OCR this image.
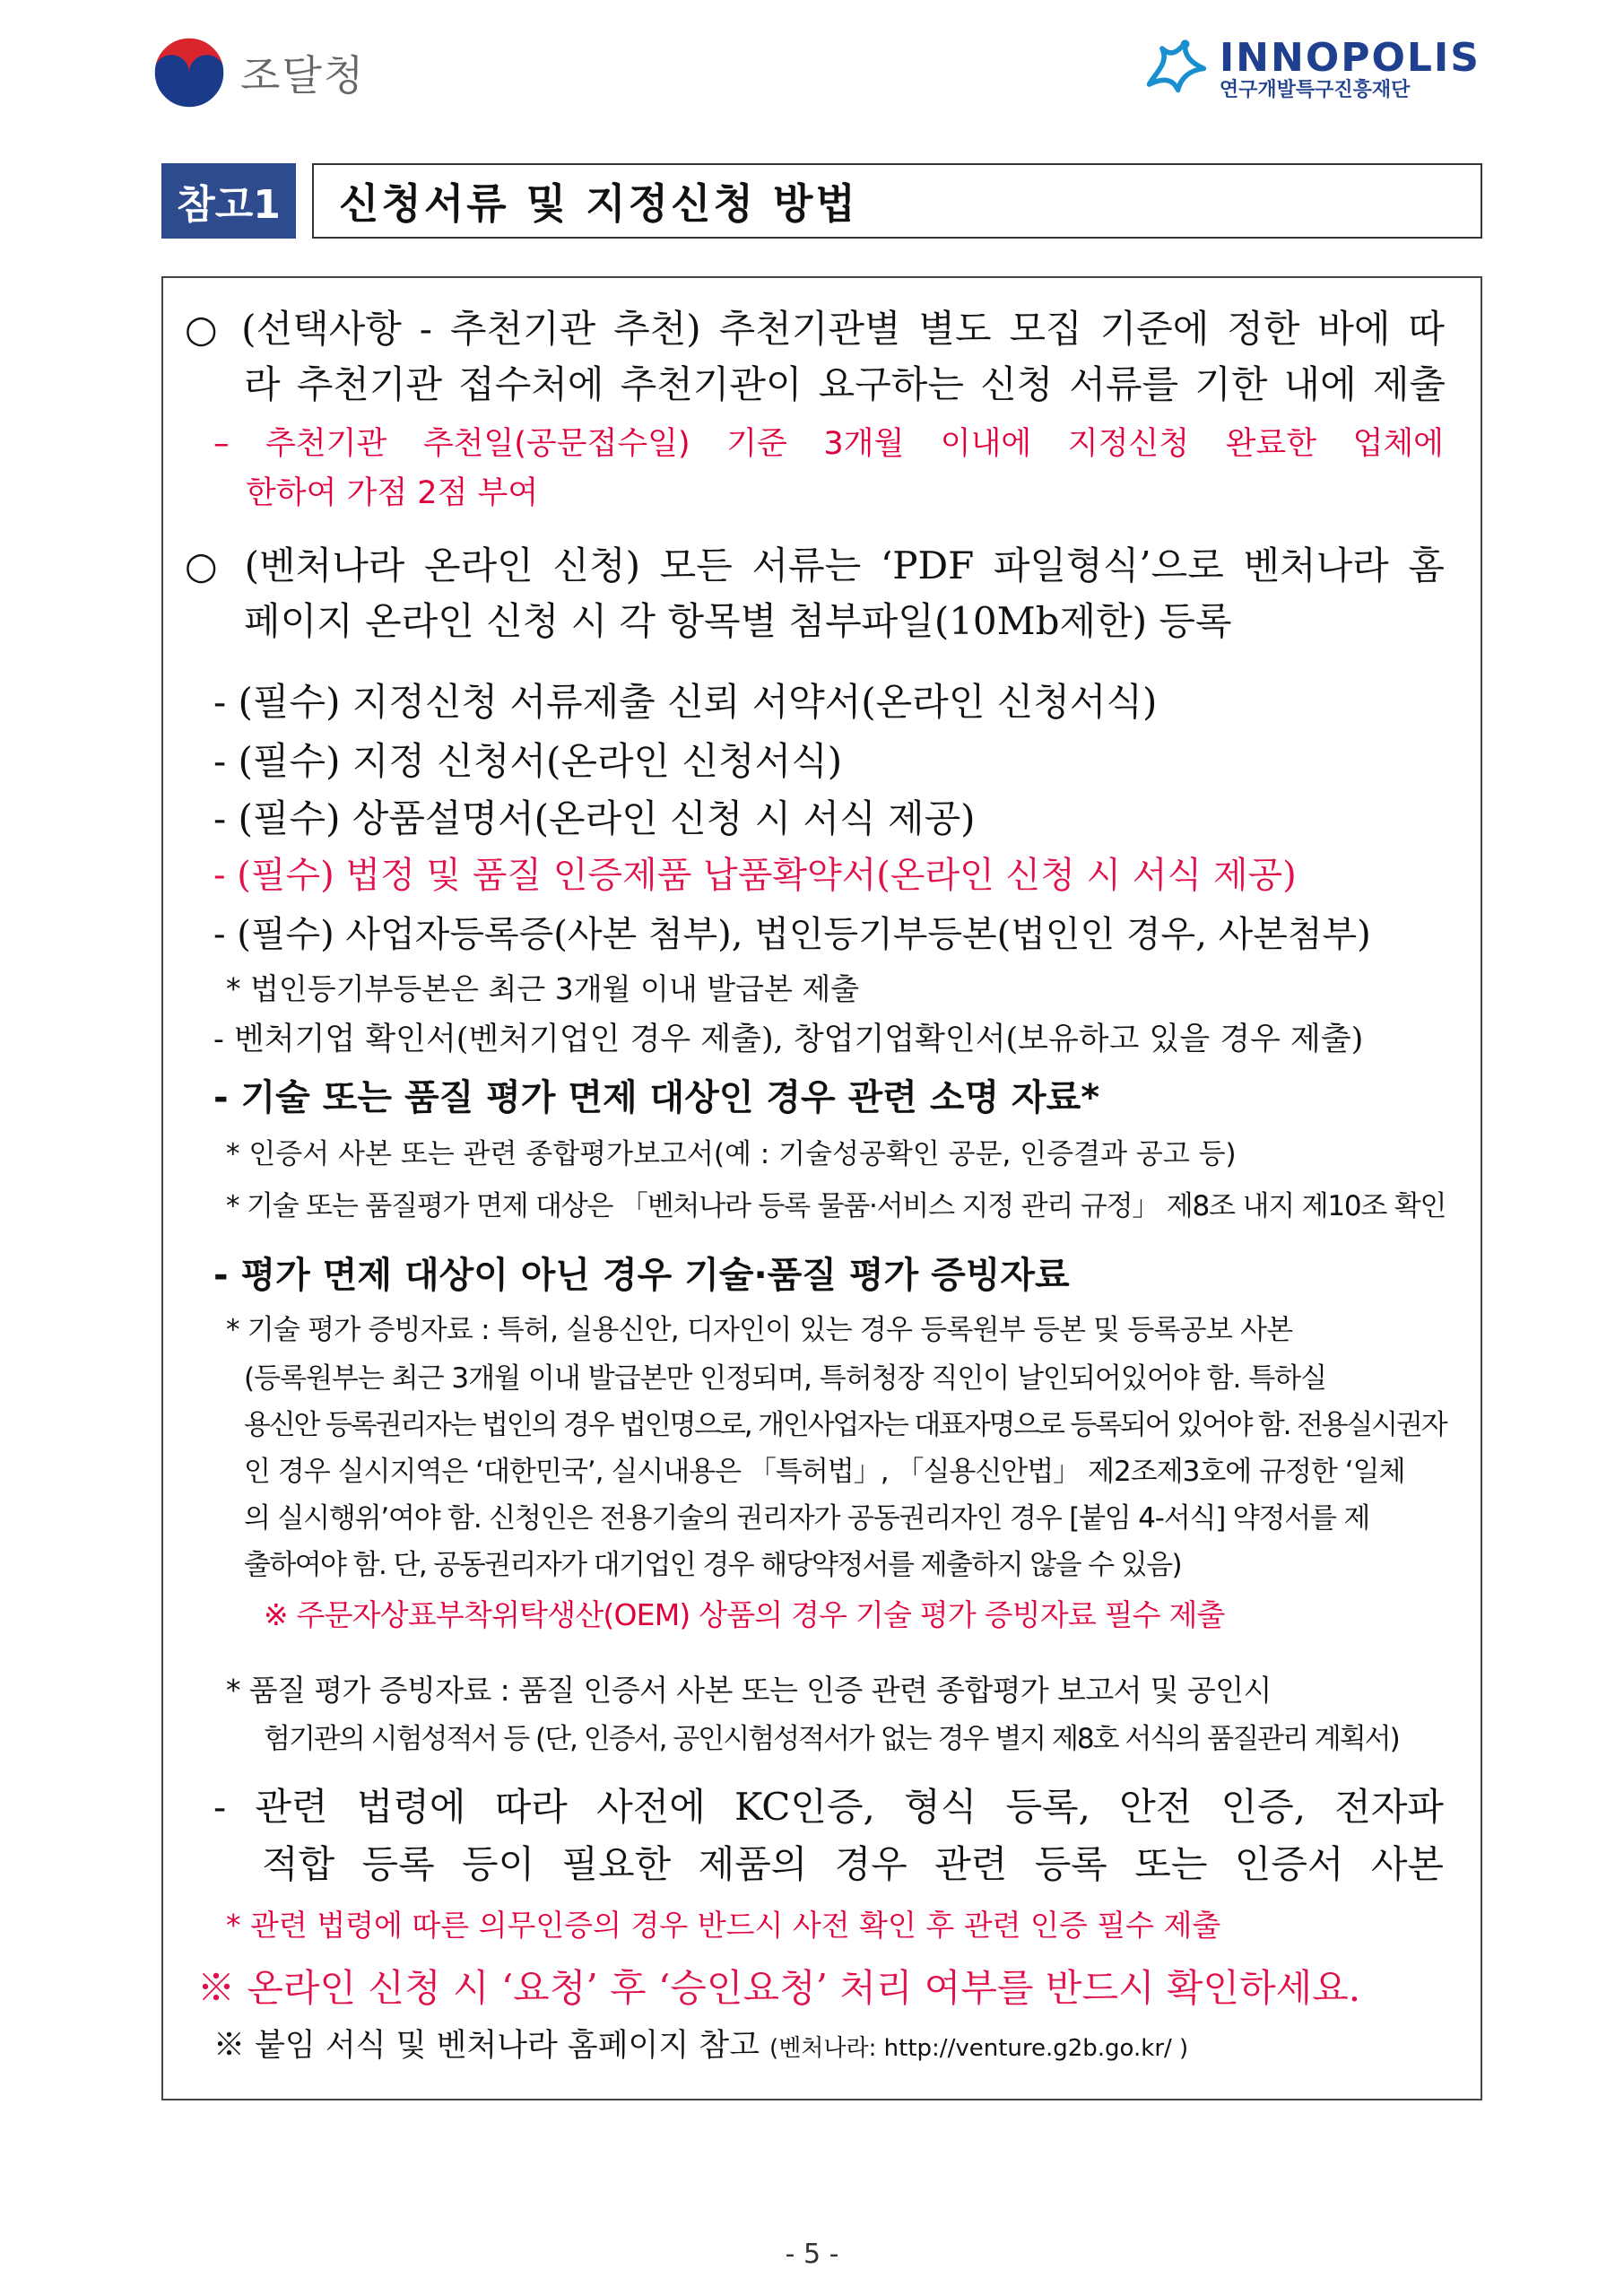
조달청	INNOPOLIS
연구개발특구진흥재단
참고1	신청서류 및 지정신청 방법
○ (선택사항 - 추천기관 추천) 추천기관별 별도 모집 기준에 정한 바에 따
라 추천기관 접수처에 추천기관이 요구하는 신청 서류를 기한 내에 제출
– 추천기관 추천일(공문접수일) 기준 3개월 이내에 지정신청 완료한 업체에
한하여 가점 2점 부여
○ (벤처나라 온라인 신청) 모든 서류는 ‘PDF 파일형식’으로 벤처나라 홈
페이지 온라인 신청 시 각 항목별 첨부파일(10Mb제한) 등록
- (필수) 지정신청 서류제출 신뢰 서약서(온라인 신청서식)
- (필수) 지정 신청서(온라인 신청서식)
- (필수) 상품설명서(온라인 신청 시 서식 제공)
- (필수) 법정 및 품질 인증제품 납품확약서(온라인 신청 시 서식 제공)
- (필수) 사업자등록증(사본 첨부), 법인등기부등본(법인인 경우, 사본첨부)
* 법인등기부등본은 최근 3개월 이내 발급본 제출
- 벤처기업 확인서(벤처기업인 경우 제출), 창업기업확인서(보유하고 있을 경우 제출)
- 기술 또는 품질 평가 면제 대상인 경우 관련 소명 자료*
* 인증서 사본 또는 관련 종합평가보고서(예 : 기술성공확인 공문, 인증결과 공고 등)
* 기술 또는 품질평가 면제 대상은 「벤처나라 등록 물품·서비스 지정 관리 규정」 제8조 내지 제10조 확인
- 평가 면제 대상이 아닌 경우 기술·품질 평가 증빙자료
* 기술 평가 증빙자료 : 특허, 실용신안, 디자인이 있는 경우 등록원부 등본 및 등록공보 사본
(등록원부는 최근 3개월 이내 발급본만 인정되며, 특허청장 직인이 날인되어있어야 함. 특하실
용신안 등록권리자는 법인의 경우 법인명으로, 개인사업자는 대표자명으로 등록되어 있어야 함. 전용실시권자
인 경우 실시지역은 ‘대한민국’, 실시내용은 「특허법」, 「실용신안법」 제2조제3호에 규정한 ‘일체
의 실시행위’여야 함. 신청인은 전용기술의 권리자가 공동권리자인 경우 [붙임 4-서식] 약정서를 제
출하여야 함. 단, 공동권리자가 대기업인 경우 해당약정서를 제출하지 않을 수 있음)
※ 주문자상표부착위탁생산(OEM) 상품의 경우 기술 평가 증빙자료 필수 제출
* 품질 평가 증빙자료 : 품질 인증서 사본 또는 인증 관련 종합평가 보고서 및 공인시
험기관의 시험성적서 등 (단, 인증서, 공인시험성적서가 없는 경우 별지 제8호 서식의 품질관리 계획서)
- 관련 법령에 따라 사전에 KC인증, 형식 등록, 안전 인증, 전자파
적합 등록 등이 필요한 제품의 경우 관련 등록 또는 인증서 사본
* 관련 법령에 따른 의무인증의 경우 반드시 사전 확인 후 관련 인증 필수 제출
※ 온라인 신청 시 ‘요청’ 후 ‘승인요청’ 처리 여부를 반드시 확인하세요.
※ 붙임 서식 및 벤처나라 홈페이지 참고 (벤처나라: http://venture.g2b.go.kr/ )
- 5 -
